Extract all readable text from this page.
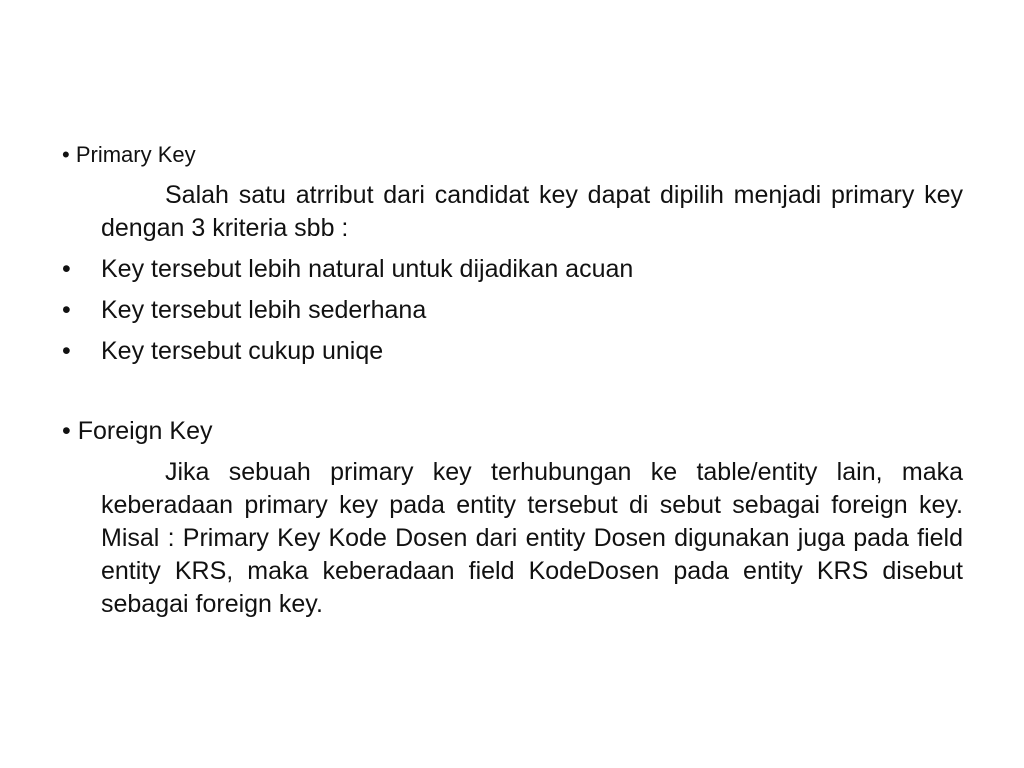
• Primary Key

Salah satu atrribut dari candidat key dapat dipilih menjadi primary key dengan 3 kriteria sbb :

• Key tersebut lebih natural untuk dijadikan acuan
• Key tersebut lebih sederhana
• Key tersebut cukup uniqe
• Foreign Key

Jika sebuah primary key terhubungan ke table/entity lain, maka keberadaan primary key pada entity tersebut di sebut sebagai foreign key. Misal : Primary Key Kode Dosen dari entity Dosen digunakan juga pada field entity KRS, maka keberadaan field KodeDosen pada entity KRS disebut sebagai foreign key.
